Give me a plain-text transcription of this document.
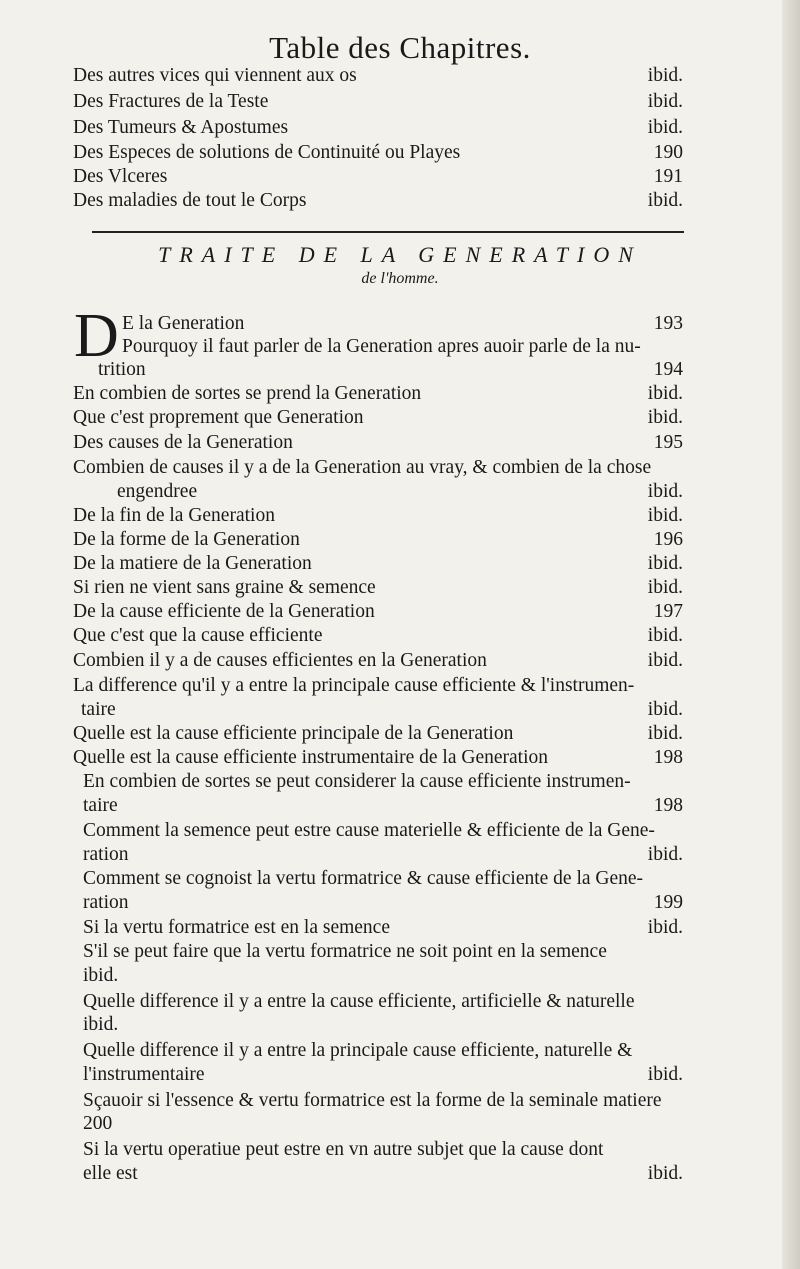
Table des Chapitres.
Des autres vices qui viennent aux os	ibid.
Des Fractures de la Teste	ibid.
Des Tumeurs & Apostumes	ibid.
Des Especes de solutions de Continuité ou Playes	190
Des Vlceres	191
Des maladies de tout le Corps	ibid.
TRAITE DE LA GENERATION
de l'homme.
D E la Generation	193
Pourquoy il faut parler de la Generation apres auoir parle de la nu-
trition	194
En combien de sortes se prend la Generation	ibid.
Que c'est proprement que Generation	ibid.
Des causes de la Generation	195
Combien de causes il y a de la Generation au vray, & combien de la chose
engendree	ibid.
De la fin de la Generation	ibid.
De la forme de la Generation	196
De la matiere de la Generation	ibid.
Si rien ne vient sans graine & semence	ibid.
De la cause efficiente de la Generation	197
Que c'est que la cause efficiente	ibid.
Combien il y a de causes efficientes en la Generation	ibid.
La difference qu'il y a entre la principale cause efficiente & l'instrumen-
taire	ibid.
Quelle est la cause efficiente principale de la Generation	ibid.
Quelle est la cause efficiente instrumentaire de la Generation	198
En combien de sortes se peut considerer la cause efficiente instrumen-
taire	198
Comment la semence peut estre cause materielle & efficiente de la Gene-
ration	ibid.
Comment se cognoist la vertu formatrice & cause efficiente de la Gene-
ration	199
Si la vertu formatrice est en la semence	ibid.
S'il se peut faire que la vertu formatrice ne soit point en la semence
ibid.
Quelle difference il y a entre la cause efficiente, artificielle & naturelle
ibid.
Quelle difference il y a entre la principale cause efficiente, naturelle &
l'instrumentaire	ibid.
Sçauoir si l'essence & vertu formatrice est la forme de la seminale matiere
200
Si la vertu operatiue peut estre en vn autre subjet que la cause dont
elle est	ibid.
